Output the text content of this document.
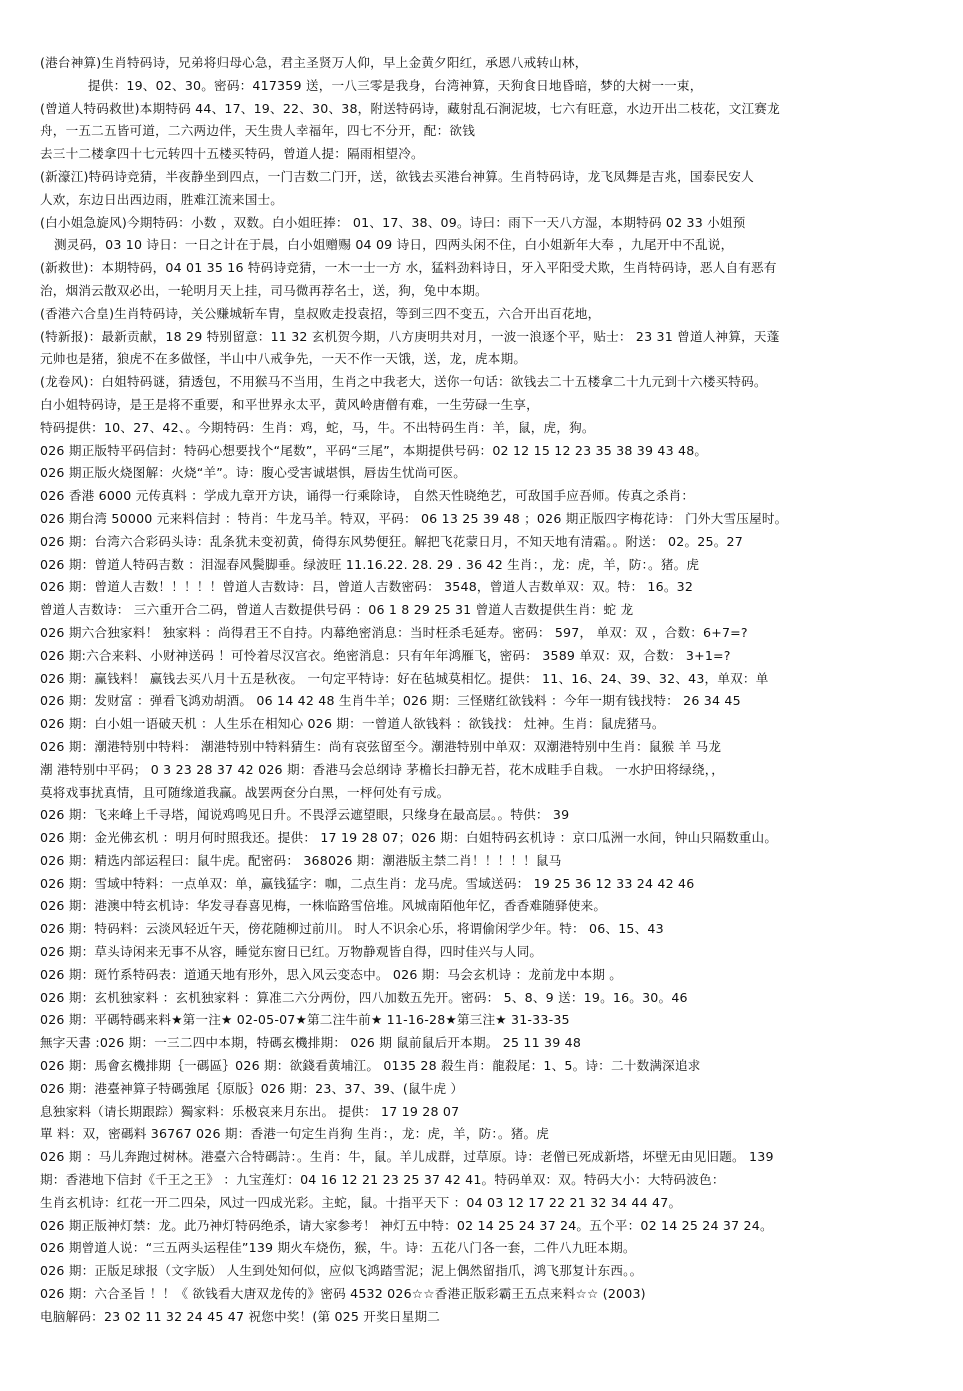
(港台神算)生肖特码诗，兄弟将归母心急，君主圣贤万人仰，早上金黄夕阳红，承恩八戒转山林，
提供：19、02、30。密码：417359 送，一八三零是我身，台湾神算，天狗食日地昏暗，梦的大树一一束，
(曾道人特码救世)本期特码 44、17、19、22、30、38，附送特码诗，藏射乱石涧泥坡，七六有旺意，水边开出二枝花，文江赛龙
舟，一五二五皆可道，二六两边伴，天生贵人幸福年，四七不分开，配：欲钱
去三十二楼拿四十七元转四十五楼买特码，曾道人提：隔雨相望冷。
(新濠江)特码诗竞猜，半夜静坐到四点，一门吉数二门开，送，欲钱去买港台神算。生肖特码诗，龙飞凤舞是吉兆，国泰民安人
人欢，东边日出西边雨，胜难江流来国士。
(白小姐急旋风)今期特码：小数 ，双数。白小姐旺捧： 01、17、38、09。诗曰：雨下一天八方湿，本期特码 02 33 小姐预
测灵码，03 10 诗日：一日之计在于晨，白小姐赠赐 04 09 诗日，四两头闲不住，白小姐新年大奉 ，九尾开中不乱说，
(新救世)：本期特码，04 01 35 16 特码诗竞猜，一木一士一方 水，猛料劲料诗日，牙入平阳受犬欺，生肖特码诗，恶人自有恶有
治，烟消云散双必出，一轮明月天上挂，司马微再荐名士，送，狗，兔中本期。
(香港六合皇)生肖特码诗，关公赚城斩车胄，皇叔败走投袁招，等到三四不变五，六合开出百花地，
(特新报)：最新贡献，18 29 特别留意：11 32 玄机贺今期，八方庚明共对月，一波一浪逐个平，贴士： 23 31 曾道人神算，天蓬
元帅也是猪，狼虎不在多做怪，半山中八戒争先，一天不作一天饿，送，龙，虎本期。
(龙卷风)：白姐特码谜，猜透包，不用猴马不当用，生肖之中我老大，送你一句话：欲钱去二十五楼拿二十九元到十六楼买特码。
白小姐特码诗，是王是将不重要，和平世界永太平，黄风岭唐僧有难，一生劳碌一生享，
特码提供：10、27、42、。今期特码：生肖：鸡，蛇，马，牛。不出特码生肖：羊，鼠，虎，狗。
026 期正版特平码信封：特码心想要找个“尾数”，平码“三尾”，本期提供号码：02 12 15 12 23 35 38 39 43 48。
026 期正版火烧图解：火烧“羊”。诗：腹心受害诚堪惧，唇齿生忧尚可医。
026 香港 6000 元传真料 ：学成九章开方诀，诵得一行乘除诗， 自然天性晓绝艺，可敌国手应吾师。传真之杀肖：
026 期台湾 50000 元来料信封 ：特肖：牛龙马羊。特双，平码： 06 13 25 39 48 ；026 期正版四字梅花诗： 门外大雪压屋时。
026 期：台湾六合彩码头诗：乱条犹未变初黄，倚得东风势便狂。解把飞花蒙日月，不知天地有清霜。。附送： 02。25。27
026 期：曾道人特码吉数 ：泪湿春风鬓脚垂。绿波旺 11.16.22. 28. 29 . 36 42 生肖：，龙：虎，羊，防：。猪。虎
026 期：曾道人吉数！！！！！曾道人吉数诗：吕，曾道人吉数密码： 3548，曾道人吉数单双：双。特： 16。32
曾道人吉数诗： 三六重开合二码，曾道人吉数提供号码 ：06 1 8 29 25 31 曾道人吉数提供生肖：蛇 龙
026 期六合独家料！ 独家料 ：尚得君王不自持。内幕绝密消息：当时枉杀毛延寿。密码： 597， 单双：双 ，合数：6+7=?
026 期:六合来料、小财神送码 ！可怜着尽汉宫衣。绝密消息：只有年年鸿雁飞，密码： 3589 单双：双，合数： 3+1=?
026 期：赢钱料！ 赢钱去买八月十五是秋夜。 一句定平特诗：好在毡城莫相忆。提供： 11、16、24、39、32、43，单双：单
026 期：发财富 ：弹看飞鸿劝胡酒。 06 14 42 48 生肖牛羊；026 期：三怪赌红欲钱料 ：今年一期有钱找特： 26 34 45
026 期：白小姐一语破天机 ：人生乐在相知心 026 期：一曾道人欲钱料 ：欲钱找： 灶神。生肖：鼠虎猪马。
026 期：潮港特别中特料： 潮港特别中特料猜生：尚有哀弦留至今。潮港特别中单双：双潮港特别中生肖：鼠猴 羊 马龙
潮 港特别中平码； 0 3 23 28 37 42 026 期：香港马会总纲诗 茅檐长扫静无苔，花木成畦手自栽。 一水护田将绿绕，，
莫将戏事扰真情，且可随缘道我赢。战罢两奁分白黑，一枰何处有亏成。
026 期：飞来峰上千寻塔，闻说鸡鸣见日升。不畏浮云遮望眼，只缘身在最高层。。特供： 39
026 期：金光佛玄机 ：明月何时照我还。提供： 17 19 28 07；026 期：白姐特码玄机诗 ：京口瓜洲一水间，钟山只隔数重山。
026 期：精选内部运程曰：鼠牛虎。配密码： 368026 期：潮港版主禁二肖！！！！！鼠马
026 期：雪域中特料：一点单双：单，赢钱猛字：咖，二点生肖：龙马虎。雪域送码： 19 25 36 12 33 24 42 46
026 期：港澳中特玄机诗：华发寻春喜见梅，一株临路雪倍堆。风城南陌他年忆，香香难随驿使来。
026 期：特码料：云淡风轻近午天，傍花随柳过前川。 时人不识余心乐，将谓偷闲学少年。特： 06、15、43
026 期：草头诗闲来无事不从容，睡觉东窗日已红。万物静观皆自得，四时佳兴与人同。
026 期：斑竹系特码表：道通天地有形外，思入风云变态中。 026 期：马会玄机诗 ：龙前龙中本期 。
026 期：玄机独家料 ：玄机独家料 ：算准二六分两份，四八加数五先开。密码： 5、8、9 送：19。16。30。46
026 期：平碼特碼来料★第一注★ 02-05-07★第二注牛前★ 11-16-28★第三注★ 31-33-35
無字天書 :026 期：一三二四中本期，特碼玄機排期： 026 期 鼠前鼠后开本期。 25 11 39 48
026 期：馬會玄機排期｛一碼區｝026 期：欲錢看黄埔江。 0135 28 殺生肖：龍殺尾：1、5。诗：二十数满深追求
026 期：港臺神算子特碼強尾｛原版｝026 期：23、37、39、(鼠牛虎 ）
息独家料（请长期跟踪）獨家料：乐极哀来月东出。 提供： 17 19 28 07
單 料：双，密碼料 36767 026 期：香港一句定生肖狗 生肖：，龙：虎，羊，防：。猪。虎
026 期 ：马儿奔跑过树林。港臺六合特碼詩：。生肖：牛，鼠。羊儿成群，过草原。诗：老僧已死成新塔，坏壁无由见旧题。 139
期：香港地下信封《千王之王》 ：九宝莲灯：04 16 12 21 23 25 37 42 41。特码单双：双。特码大小：大特码波色：
生肖玄机诗：红花一开二四朵，风过一四成光彩。主蛇，鼠。十指平天下 ：04 03 12 17 22 21 32 34 44 47。
026 期正版神灯禁：龙。此乃神灯特码绝杀，请大家参考！ 神灯五中特：02 14 25 24 37 24。五个平：02 14 25 24 37 24。
026 期曾道人说：“三五两头运程佳”139 期火车烧伤，猴，牛。诗：五花八门各一套，二件八九旺本期。
026 期：正版足球报（文字版） 人生到处知何似，应似飞鸿踏雪泥；泥上偶然留指爪，鸿飞那复计东西。。
026 期：六合圣旨 ！！《 欲钱看大唐双龙传的》密码 4532 026☆☆香港正版彩霸王五点来料☆☆ (2003)
电脑解码：23 02 11 32 24 45 47 祝您中奖！(第 025 开奖日星期二
